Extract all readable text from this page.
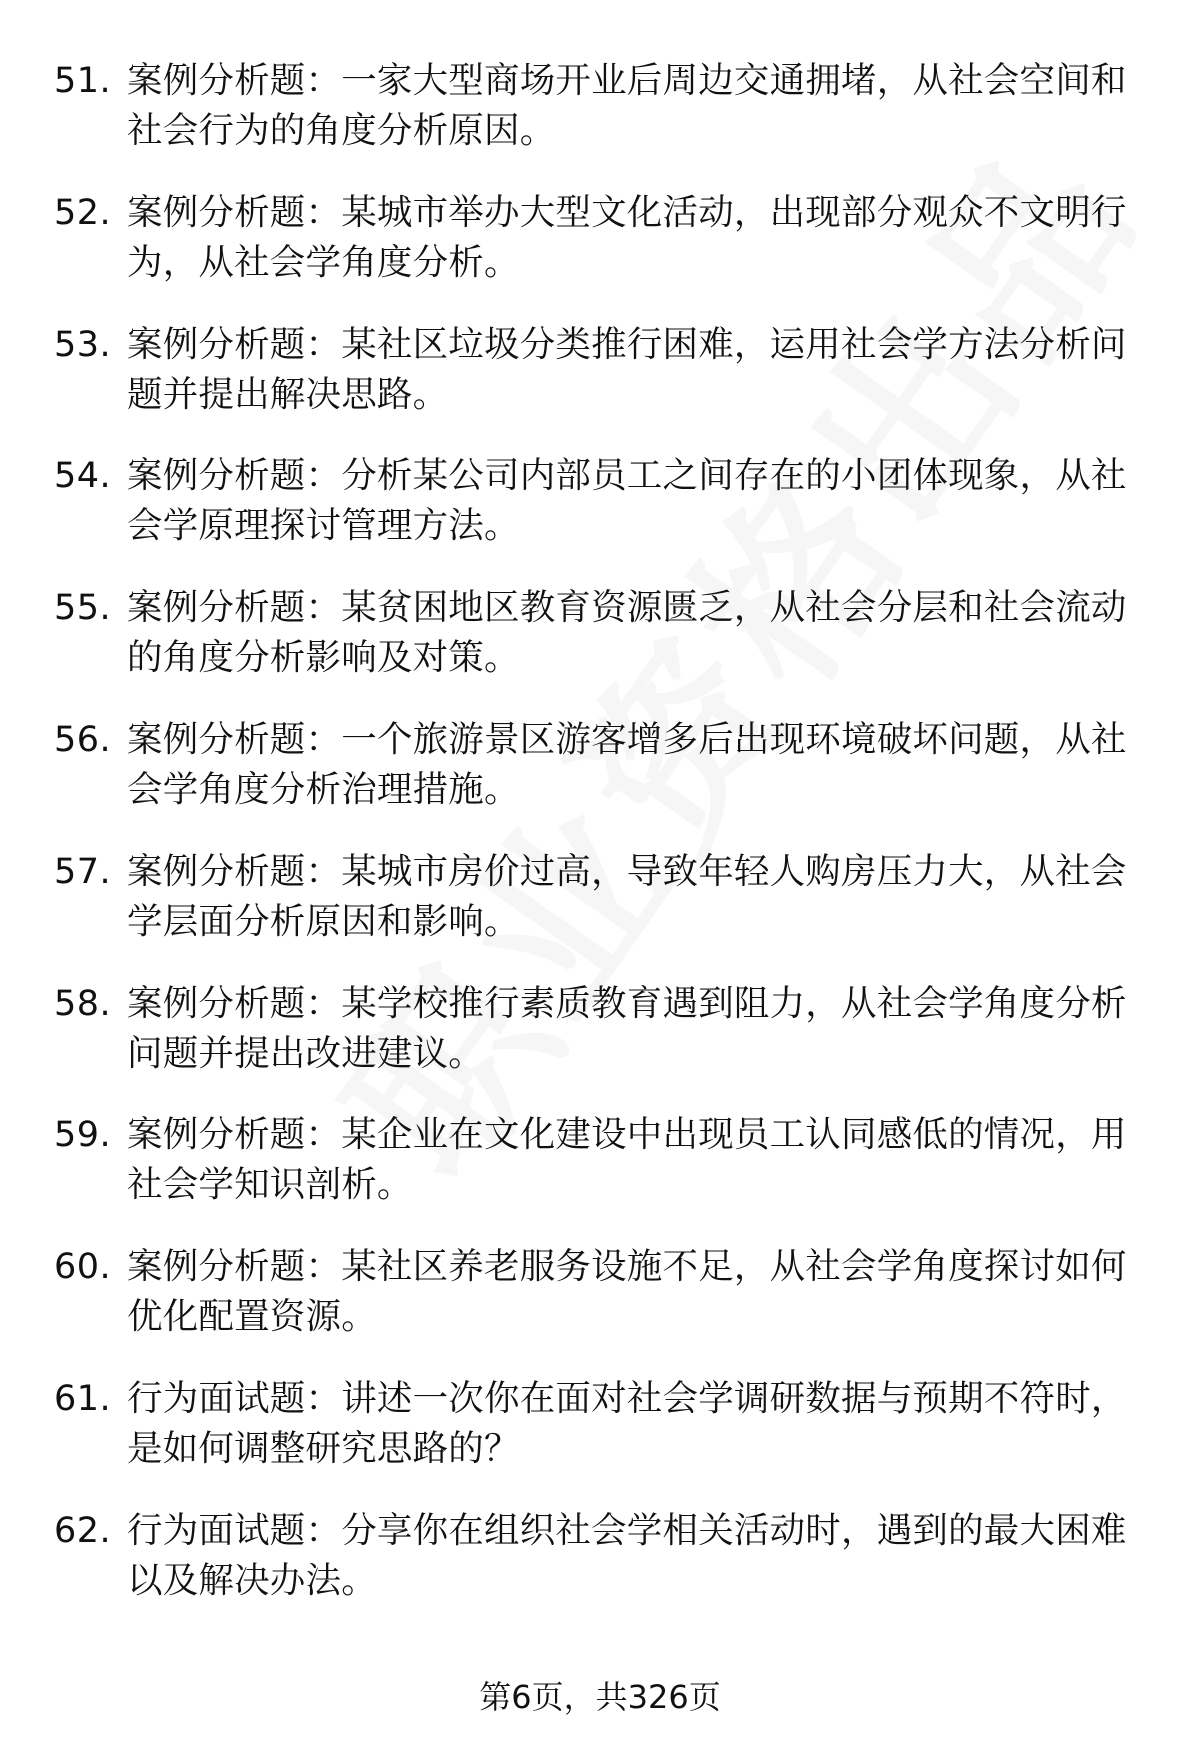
51. 案例分析题：一家大型商场开业后周边交通拥堵，从社会空间和社会行为的角度分析原因。

52. 案例分析题：某城市举办大型文化活动，出现部分观众不文明行为，从社会学角度分析。

53. 案例分析题：某社区垃圾分类推行困难，运用社会学方法分析问题并提出解决思路。

54. 案例分析题：分析某公司内部员工之间存在的小团体现象，从社会学原理探讨管理方法。

55. 案例分析题：某贫困地区教育资源匮乏，从社会分层和社会流动的角度分析影响及对策。

56. 案例分析题：一个旅游景区游客增多后出现环境破坏问题，从社会学角度分析治理措施。

57. 案例分析题：某城市房价过高，导致年轻人购房压力大，从社会学层面分析原因和影响。

58. 案例分析题：某学校推行素质教育遇到阻力，从社会学角度分析问题并提出改进建议。

59. 案例分析题：某企业在文化建设中出现员工认同感低的情况，用社会学知识剖析。

60. 案例分析题：某社区养老服务设施不足，从社会学角度探讨如何优化配置资源。

61. 行为面试题：讲述一次你在面对社会学调研数据与预期不符时，是如何调整研究思路的？

62. 行为面试题：分享你在组织社会学相关活动时，遇到的最大困难以及解决办法。

第6页，共326页
